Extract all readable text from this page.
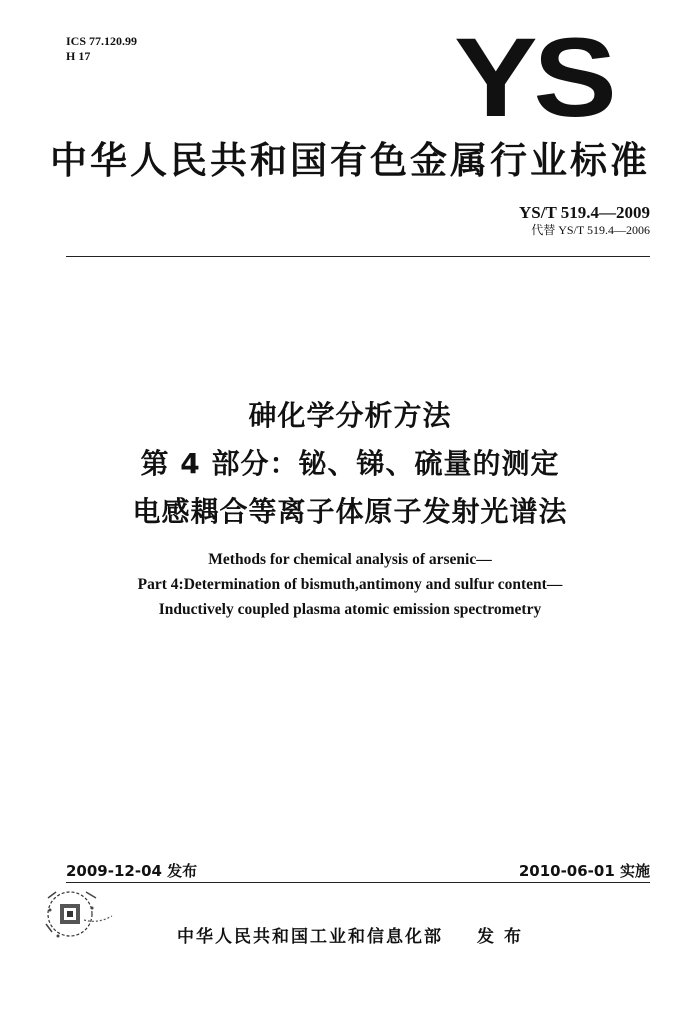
ICS 77.120.99
H 17	YS
中华人民共和国有色金属行业标准
YS/T 519.4—2009
代替 YS/T 519.4—2006
砷化学分析方法
第 4 部分：铋、锑、硫量的测定
电感耦合等离子体原子发射光谱法
Methods for chemical analysis of arsenic—
Part 4:Determination of bismuth,antimony and sulfur content—
Inductively coupled plasma atomic emission spectrometry
2009-12-04 发布	2010-06-01 实施
中华人民共和国工业和信息化部 发 布
